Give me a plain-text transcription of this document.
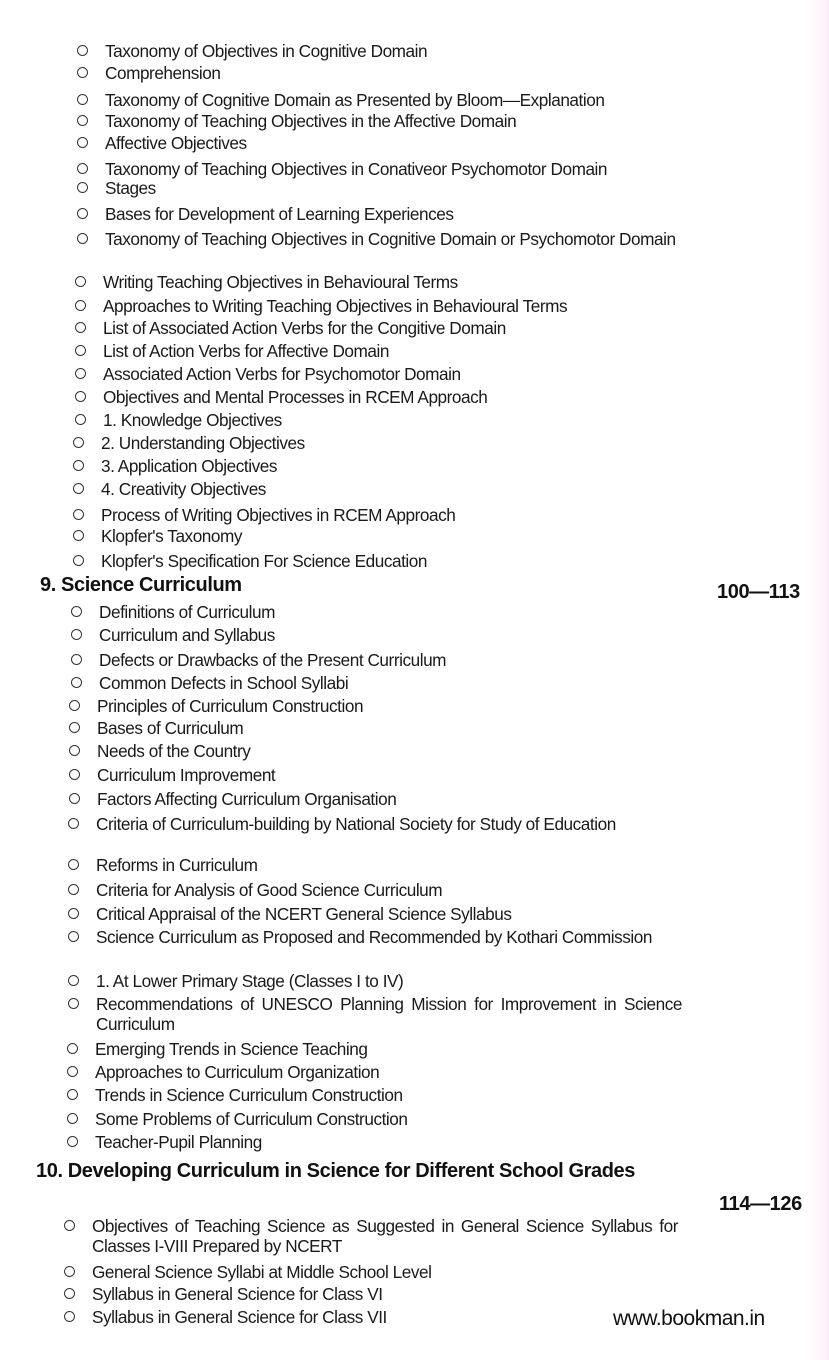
Taxonomy of Objectives in Cognitive Domain
Comprehension
Taxonomy of Cognitive Domain as Presented by Bloom—Explanation
Taxonomy of Teaching Objectives in the Affective Domain
Affective Objectives
Taxonomy of Teaching Objectives in Conativeor Psychomotor Domain
Stages
Bases for Development of Learning Experiences
Taxonomy of Teaching Objectives in Cognitive Domain or Psychomotor Domain
Writing Teaching Objectives in Behavioural Terms
Approaches to Writing Teaching Objectives in Behavioural Terms
List of Associated Action Verbs for the Congitive Domain
List of Action Verbs for Affective Domain
Associated Action Verbs for Psychomotor Domain
Objectives and Mental Processes in RCEM Approach
1. Knowledge Objectives
2. Understanding Objectives
3. Application Objectives
4. Creativity Objectives
Process of Writing Objectives in RCEM Approach
Klopfer's Taxonomy
Klopfer's Specification For Science Education
9. Science Curriculum	100—113
Definitions of Curriculum
Curriculum and Syllabus
Defects or Drawbacks of the Present Curriculum
Common Defects in School Syllabi
Principles of Curriculum Construction
Bases of Curriculum
Needs of the Country
Curriculum Improvement
Factors Affecting Curriculum Organisation
Criteria of Curriculum-building by National Society for Study of Education
Reforms in Curriculum
Criteria for Analysis of Good Science Curriculum
Critical Appraisal of the NCERT General Science Syllabus
Science Curriculum as Proposed and Recommended by Kothari Commission
1. At Lower Primary Stage (Classes I to IV)
Recommendations of UNESCO Planning Mission for Improvement in Science Curriculum
Emerging Trends in Science Teaching
Approaches to Curriculum Organization
Trends in Science Curriculum Construction
Some Problems of Curriculum Construction
Teacher-Pupil Planning
10. Developing Curriculum in Science for Different School Grades
114—126
Objectives of Teaching Science as Suggested in General Science Syllabus for Classes I-VIII Prepared by NCERT
General Science Syllabi at Middle School Level
Syllabus in General Science for Class VI
Syllabus in General Science for Class VII	www.bookman.in
